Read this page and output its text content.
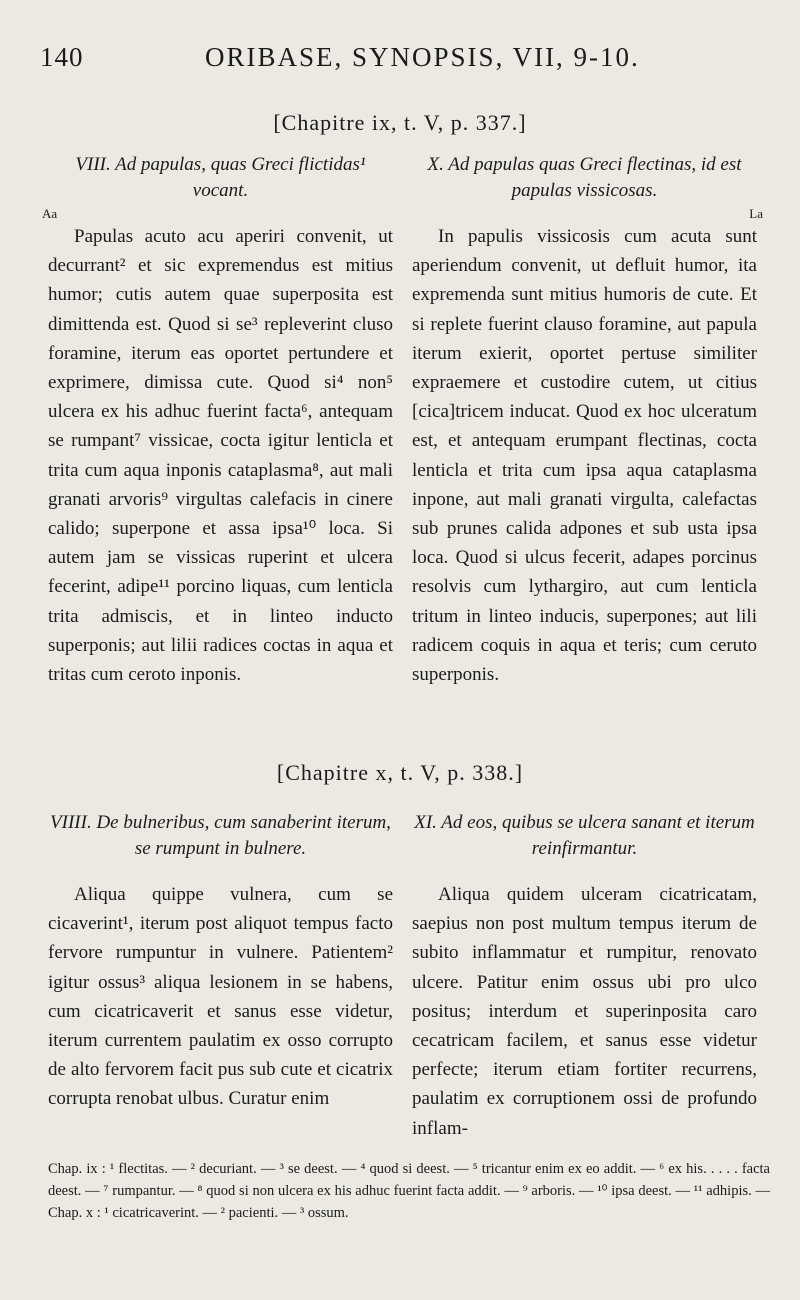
140	ORIBASE, SYNOPSIS, VII, 9-10.
[Chapitre ix, t. V, p. 337.]
VIII. Ad papulas, quas Greci flictidas¹ vocant.
Aa

Papulas acuto acu aperiri convenit, ut decurrant² et sic expremendus est mitius humor; cutis autem quae superposita est dimittenda est. Quod si se³ repleverint cluso foramine, iterum eas oportet pertundere et exprimere, dimissa cute. Quod si⁴ non⁵ ulcera ex his adhuc fuerint facta⁶, antequam se rumpant⁷ vissicae, cocta igitur lenticla et trita cum aqua inponis cataplasma⁸, aut mali granati arvoris⁹ virgultas calefacis in cinere calido; superpone et assa ipsa¹⁰ loca. Si autem jam se vissicas ruperint et ulcera fecerint, adipe¹¹ porcino liquas, cum lenticla trita admiscis, et in linteo inducto superponis; aut lilii radices coctas in aqua et tritas cum ceroto inponis.

X. Ad papulas quas Greci flectinas, id est papulas vissicosas.
La

In papulis vissicosis cum acuta sunt aperiendum convenit, ut defluit humor, ita expremenda sunt mitius humoris de cute. Et si replete fuerint clauso foramine, aut papula iterum exierit, oportet pertuse similiter expraemere et custodire cutem, ut citius [cica]tricem inducat. Quod ex hoc ulceratum est, et antequam erumpant flectinas, cocta lenticla et trita cum ipsa aqua cataplasma inpone, aut mali granati virgulta, calefactas sub prunes calida adpones et sub usta ipsa loca. Quod si ulcus fecerit, adapes porcinus resolvis cum lythargiro, aut cum lenticla tritum in linteo inducis, superpones; aut lili radicem coquis in aqua et teris; cum ceruto superponis.

[Chapitre x, t. V, p. 338.]
VIIII. De bulneribus, cum sanaberint iterum, se rumpunt in bulnere.

Aliqua quippe vulnera, cum se cicaverint¹, iterum post aliquot tempus facto fervore rumpuntur in vulnere. Patientem² igitur ossus³ aliqua lesionem in se habens, cum cicatricaverit et sanus esse videtur, iterum currentem paulatim ex osso corrupto de alto fervorem facit pus sub cute et cicatrix corrupta renobat ulbus. Curatur enim

XI. Ad eos, quibus se ulcera sanant et iterum reinfirmantur.

Aliqua quidem ulceram cicatricatam, saepius non post multum tempus iterum de subito inflammatur et rumpitur, renovato ulcere. Patitur enim ossus ubi pro ulco positus; interdum et superinposita caro cecatricam facilem, et sanus esse videtur perfecte; iterum etiam fortiter recurrens, paulatim ex corruptionem ossi de profundo inflam-

Chap. ix : ¹ flectitas. — ² decuriant. — ³ se deest. — ⁴ quod si deest. — ⁵ tricantur enim ex eo addit. — ⁶ ex his. . . . . facta deest. — ⁷ rumpantur. — ⁸ quod si non ulcera ex his adhuc fuerint facta addit. — ⁹ arboris. — ¹⁰ ipsa deest. — ¹¹ adhipis. — Chap. x : ¹ cicatricaverint. — ² pacienti. — ³ ossum.
